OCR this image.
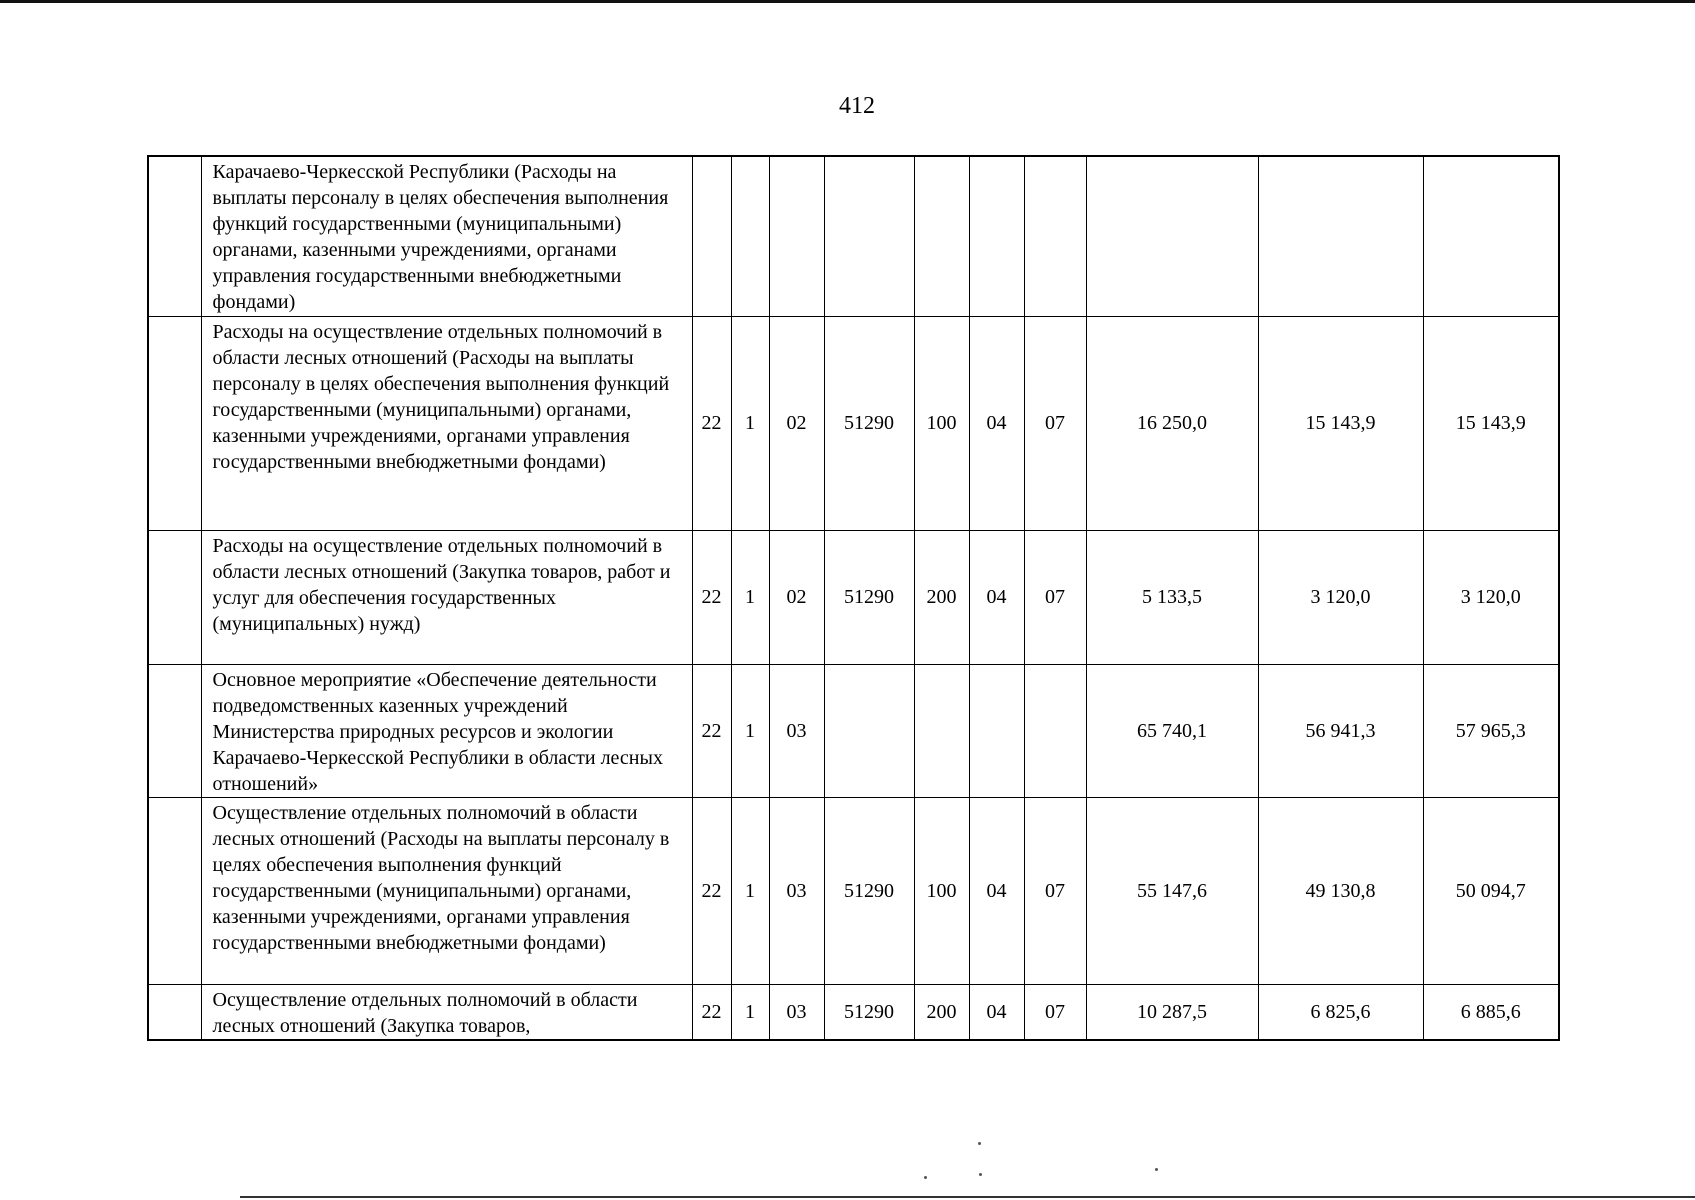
412
	Карачаево-Черкесской Республики (Расходы на выплаты персоналу в целях обеспечения выполнения функций государственными (муниципальными) органами, казенными учреждениями, органами управления государственными внебюджетными фондами)										
	Расходы на осуществление отдельных полномочий в области лесных отношений (Расходы на выплаты персоналу в целях обеспечения выполнения функций государственными (муниципальными) органами, казенными учреждениями, органами управления государственными внебюджетными фондами)	22	1	02	51290	100	04	07	16 250,0	15 143,9	15 143,9
	Расходы на осуществление отдельных полномочий в области лесных отношений (Закупка товаров, работ и услуг для обеспечения государственных (муниципальных) нужд)	22	1	02	51290	200	04	07	5 133,5	3 120,0	3 120,0
	Основное мероприятие «Обеспечение деятельности подведомственных казенных учреждений Министерства природных ресурсов и экологии Карачаево-Черкесской Республики в области лесных отношений»	22	1	03					65 740,1	56 941,3	57 965,3
	Осуществление отдельных полномочий в области лесных отношений (Расходы на выплаты персоналу в целях обеспечения выполнения функций государственными (муниципальными) органами, казенными учреждениями, органами управления государственными внебюджетными фондами)	22	1	03	51290	100	04	07	55 147,6	49 130,8	50 094,7
	Осуществление отдельных полномочий в области лесных отношений (Закупка товаров,	22	1	03	51290	200	04	07	10 287,5	6 825,6	6 885,6
